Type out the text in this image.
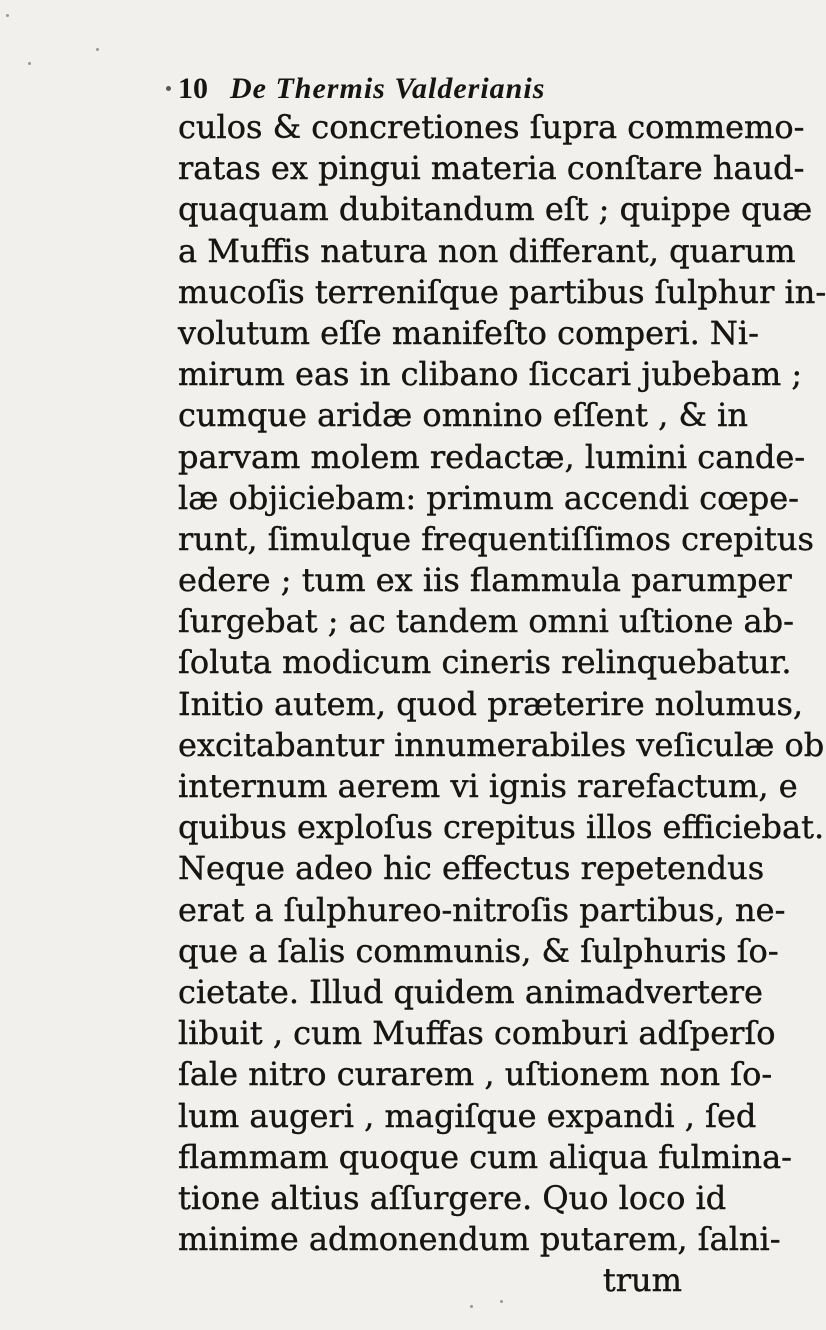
10 De Thermis Valderianis
culos & concretiones ſupra commemo-
ratas ex pingui materia conſtare haud-
quaquam dubitandum eſt ; quippe quæ
a Muffis natura non differant, quarum
mucoſis terreniſque partibus ſulphur in-
volutum eſſe manifeſto comperi. Ni-
mirum eas in clibano ſiccari jubebam ;
cumque aridæ omnino eſſent , & in
parvam molem redactæ, lumini cande-
læ objiciebam: primum accendi cœpe-
runt, ſimulque frequentiſſimos crepitus
edere ; tum ex iis flammula parumper
ſurgebat ; ac tandem omni uſtione ab-
ſoluta modicum cineris relinquebatur.
Initio autem, quod præterire nolumus,
excitabantur innumerabiles veſiculæ ob
internum aerem vi ignis rarefactum, e
quibus exploſus crepitus illos efficiebat.
Neque adeo hic effectus repetendus
erat a ſulphureo-nitroſis partibus, ne-
que a ſalis communis, & ſulphuris ſo-
cietate. Illud quidem animadvertere
libuit , cum Muffas comburi adſperſo
ſale nitro curarem , uſtionem non ſo-
lum augeri , magiſque expandi , ſed
flammam quoque cum aliqua fulmina-
tione altius aſſurgere. Quo loco id
minime admonendum putarem, ſalni-
trum
